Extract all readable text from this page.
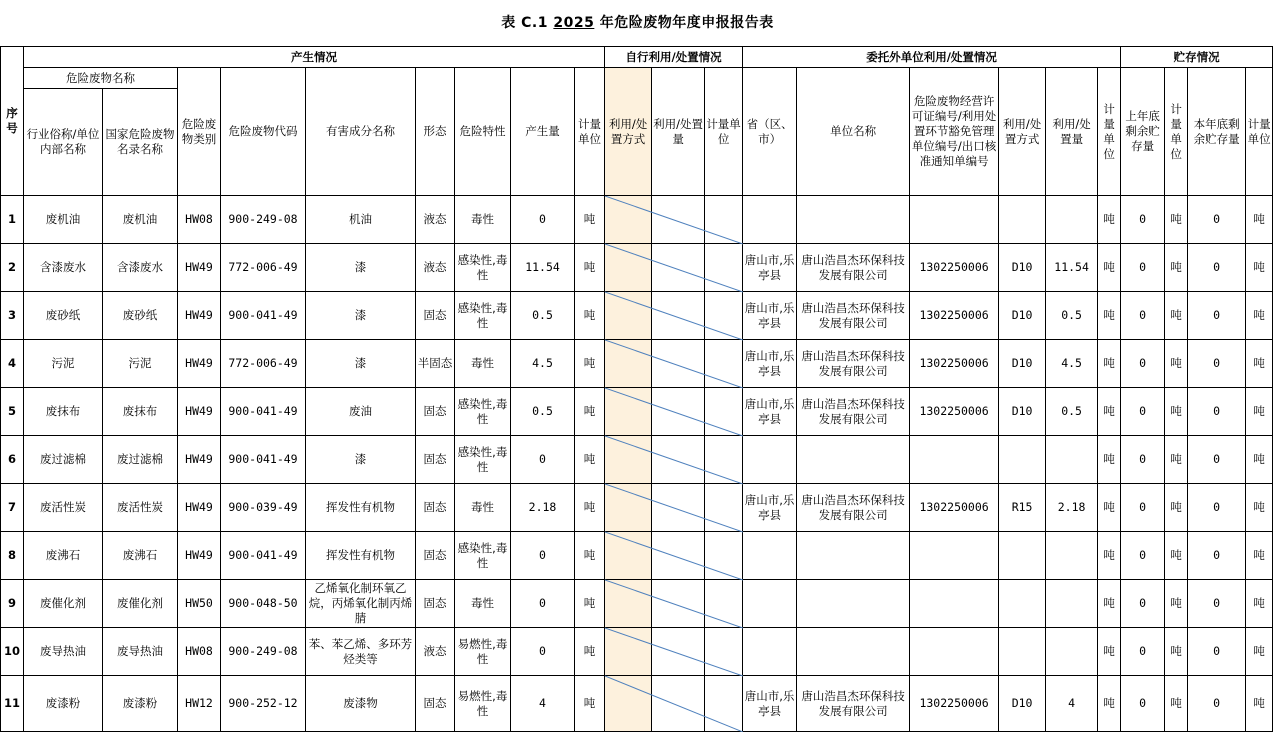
表 C.1 2025 年危险废物年度申报报告表
序号	产生情况									自行利用/处置情况			委托外单位利用/处置情况						贮存情况			
	危险废物名称		危险废物类别	危险废物代码	有害成分名称	形态	危险特性	产生量	计量单位	利用/处置方式	利用/处置量	计量单位	省（区、市）	单位名称	危险废物经营许可证编号/利用处置环节豁免管理单位编号/出口核准通知单编号	利用/处置方式	利用/处置量	计量单位	上年底剩余贮存量	计量单位	本年底剩余贮存量	计量单位
	行业俗称/单位内部名称	国家危险废物名录名称																				
1	废机油	废机油	HW08	900-249-08	机油	液态	毒性	0	吨									吨	0	吨	0	吨
2	含漆废水	含漆废水	HW49	772-006-49	漆	液态	感染性,毒性	11.54	吨				唐山市,乐亭县	唐山浩昌杰环保科技发展有限公司	1302250006	D10	11.54	吨	0	吨	0	吨
3	废砂纸	废砂纸	HW49	900-041-49	漆	固态	感染性,毒性	0.5	吨				唐山市,乐亭县	唐山浩昌杰环保科技发展有限公司	1302250006	D10	0.5	吨	0	吨	0	吨
4	污泥	污泥	HW49	772-006-49	漆	半固态	毒性	4.5	吨				唐山市,乐亭县	唐山浩昌杰环保科技发展有限公司	1302250006	D10	4.5	吨	0	吨	0	吨
5	废抹布	废抹布	HW49	900-041-49	废油	固态	感染性,毒性	0.5	吨				唐山市,乐亭县	唐山浩昌杰环保科技发展有限公司	1302250006	D10	0.5	吨	0	吨	0	吨
6	废过滤棉	废过滤棉	HW49	900-041-49	漆	固态	感染性,毒性	0	吨									吨	0	吨	0	吨
7	废活性炭	废活性炭	HW49	900-039-49	挥发性有机物	固态	毒性	2.18	吨				唐山市,乐亭县	唐山浩昌杰环保科技发展有限公司	1302250006	R15	2.18	吨	0	吨	0	吨
8	废沸石	废沸石	HW49	900-041-49	挥发性有机物	固态	感染性,毒性	0	吨									吨	0	吨	0	吨
9	废催化剂	废催化剂	HW50	900-048-50	乙烯氧化制环氧乙烷，丙烯氧化制丙烯腈	固态	毒性	0	吨									吨	0	吨	0	吨
10	废导热油	废导热油	HW08	900-249-08	苯、苯乙烯、多环芳烃类等	液态	易燃性,毒性	0	吨									吨	0	吨	0	吨
11	废漆粉	废漆粉	HW12	900-252-12	废漆物	固态	易燃性,毒性	4	吨				唐山市,乐亭县	唐山浩昌杰环保科技发展有限公司	1302250006	D10	4	吨	0	吨	0	吨
